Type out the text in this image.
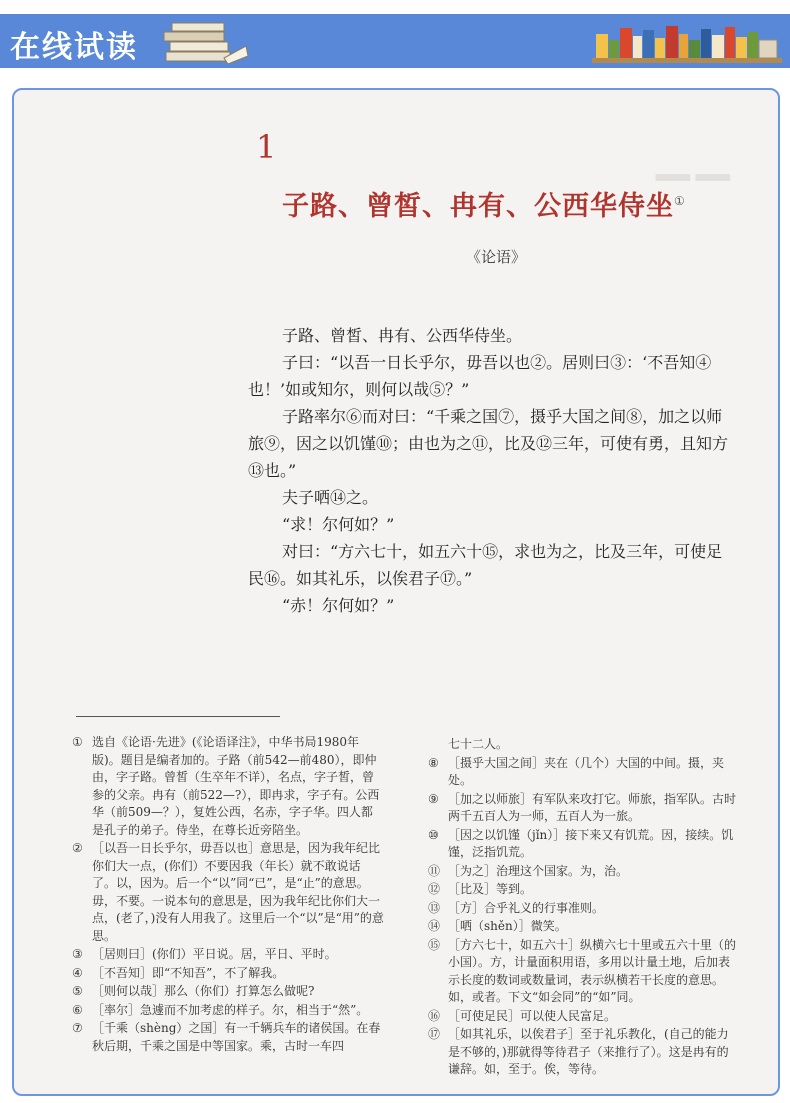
在线试读
▁▁
1
子路、曾皙、冉有、公西华侍坐①
《论语》

子路、曾皙、冉有、公西华侍坐。

子曰：“以吾一日长乎尔，毋吾以也②。居则曰③：‘不吾知④也！’如或知尔，则何以哉⑤？”

子路率尔⑥而对曰：“千乘之国⑦，摄乎大国之间⑧，加之以师旅⑨，因之以饥馑⑩；由也为之⑪，比及⑫三年，可使有勇，且知方⑬也。”

夫子哂⑭之。

“求！尔何如？”

对曰：“方六七十，如五六十⑮，求也为之，比及三年，可使足民⑯。如其礼乐，以俟君子⑰。”

“赤！尔何如？”

① 选自《论语·先进》(《论语译注》，中华书局1980年版)。题目是编者加的。子路（前542—前480），即仲由，字子路。曾皙（生卒年不详），名点，字子皙，曾参的父亲。冉有（前522—?），即冉求，字子有。公西华（前509—？），复姓公西，名赤，字子华。四人都是孔子的弟子。侍坐，在尊长近旁陪坐。
② ［以吾一日长乎尔，毋吾以也］意思是，因为我年纪比你们大一点，(你们）不要因我（年长）就不敢说话了。以，因为。后一个“以”同“已”，是“止”的意思。毋，不要。一说本句的意思是，因为我年纪比你们大一点，(老了，)没有人用我了。这里后一个“以”是“用”的意思。
③ ［居则曰］(你们）平日说。居，平日、平时。
④ ［不吾知］即“不知吾”，不了解我。
⑤ ［则何以哉］那么（你们）打算怎么做呢?
⑥ ［率尔］急遽而不加考虑的样子。尔，相当于“然”。
⑦ ［千乘（shèng）之国］有一千辆兵车的诸侯国。在春秋后期，千乘之国是中等国家。乘，古时一车四
七十二人。
⑧ ［摄乎大国之间］夹在（几个）大国的中间。摄，夹处。
⑨ ［加之以师旅］有军队来攻打它。师旅，指军队。古时两千五百人为一师，五百人为一旅。
⑩ ［因之以饥馑（jǐn）］接下来又有饥荒。因，接续。饥馑，泛指饥荒。
⑪ ［为之］治理这个国家。为，治。
⑫ ［比及］等到。
⑬ ［方］合乎礼义的行事准则。
⑭ ［哂（shěn）］微笑。
⑮ ［方六七十，如五六十］纵横六七十里或五六十里（的小国）。方，计量面积用语，多用以计量土地，后加表示长度的数词或数量词，表示纵横若干长度的意思。如，或者。下文“如会同”的“如”同。
⑯ ［可使足民］可以使人民富足。
⑰ ［如其礼乐，以俟君子］至于礼乐教化，(自己的能力是不够的，)那就得等待君子（来推行了）。这是冉有的谦辞。如，至于。俟，等待。
